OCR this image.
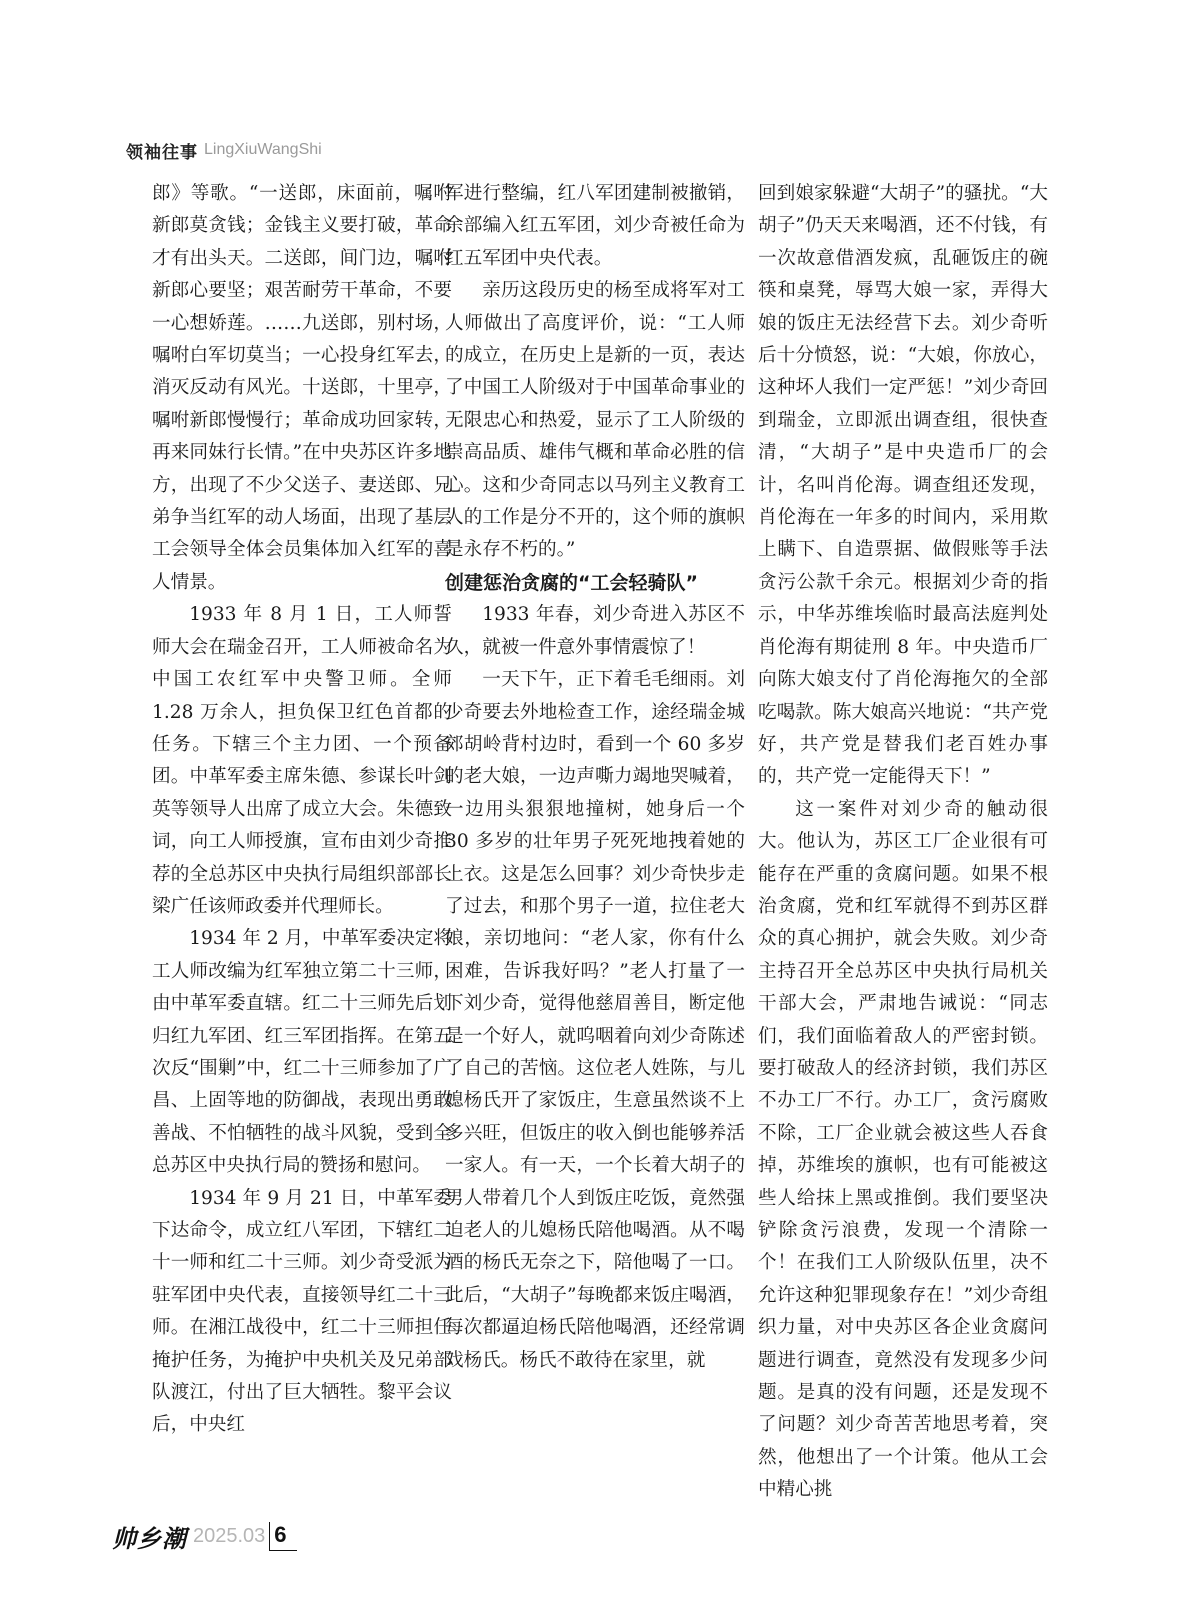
领袖往事 LingXiuWangShi

郎》等歌。“一送郎，床面前，嘱咐新郎莫贪钱；金钱主义要打破，革命才有出头天。二送郎，间门边，嘱咐新郎心要坚；艰苦耐劳干革命，不要一心想娇莲。……九送郎，别村场，嘱咐白军切莫当；一心投身红军去，消灭反动有风光。十送郎，十里亭，嘱咐新郎慢慢行；革命成功回家转，再来同妹行长情。”在中央苏区许多地方，出现了不少父送子、妻送郎、兄弟争当红军的动人场面，出现了基层工会领导全体会员集体加入红军的喜人情景。

1933 年 8 月 1 日，工人师誓师大会在瑞金召开，工人师被命名为中国工农红军中央警卫师。全师 1.28 万余人，担负保卫红色首都的任务。下辖三个主力团、一个预备团。中革军委主席朱德、参谋长叶剑英等领导人出席了成立大会。朱德致词，向工人师授旗，宣布由刘少奇推荐的全总苏区中央执行局组织部部长梁广任该师政委并代理师长。

1934 年 2 月，中革军委决定将工人师改编为红军独立第二十三师，由中革军委直辖。红二十三师先后划归红九军团、红三军团指挥。在第五次反“围剿”中，红二十三师参加了广昌、上固等地的防御战，表现出勇敢善战、不怕牺牲的战斗风貌，受到全总苏区中央执行局的赞扬和慰问。

1934 年 9 月 21 日，中革军委下达命令，成立红八军团，下辖红二十一师和红二十三师。刘少奇受派为驻军团中央代表，直接领导红二十三师。在湘江战役中，红二十三师担任掩护任务，为掩护中央机关及兄弟部队渡江，付出了巨大牺牲。黎平会议后，中央红

军进行整编，红八军团建制被撤销，余部编入红五军团，刘少奇被任命为红五军团中央代表。

亲历这段历史的杨至成将军对工人师做出了高度评价，说：“工人师的成立，在历史上是新的一页，表达了中国工人阶级对于中国革命事业的无限忠心和热爱，显示了工人阶级的崇高品质、雄伟气概和革命必胜的信心。这和少奇同志以马列主义教育工人的工作是分不开的，这个师的旗帜是永存不朽的。”

创建惩治贪腐的“工会轻骑队”

1933 年春，刘少奇进入苏区不久，就被一件意外事情震惊了！

一天下午，正下着毛毛细雨。刘少奇要去外地检查工作，途经瑞金城郊胡岭背村边时，看到一个 60 多岁的老大娘，一边声嘶力竭地哭喊着，一边用头狠狠地撞树，她身后一个 30 多岁的壮年男子死死地拽着她的上衣。这是怎么回事？刘少奇快步走了过去，和那个男子一道，拉住老大娘，亲切地问：“老人家，你有什么困难，告诉我好吗？”老人打量了一下刘少奇，觉得他慈眉善目，断定他是一个好人，就呜咽着向刘少奇陈述了自己的苦恼。这位老人姓陈，与儿媳杨氏开了家饭庄，生意虽然谈不上多兴旺，但饭庄的收入倒也能够养活一家人。有一天，一个长着大胡子的男人带着几个人到饭庄吃饭，竟然强迫老人的儿媳杨氏陪他喝酒。从不喝酒的杨氏无奈之下，陪他喝了一口。此后，“大胡子”每晚都来饭庄喝酒，每次都逼迫杨氏陪他喝酒，还经常调戏杨氏。杨氏不敢待在家里，就

回到娘家躲避“大胡子”的骚扰。“大胡子”仍天天来喝酒，还不付钱，有一次故意借酒发疯，乱砸饭庄的碗筷和桌凳，辱骂大娘一家，弄得大娘的饭庄无法经营下去。刘少奇听后十分愤怒，说：“大娘，你放心，这种坏人我们一定严惩！”刘少奇回到瑞金，立即派出调查组，很快查清，“大胡子”是中央造币厂的会计，名叫肖伦海。调查组还发现，肖伦海在一年多的时间内，采用欺上瞒下、自造票据、做假账等手法贪污公款千余元。根据刘少奇的指示，中华苏维埃临时最高法庭判处肖伦海有期徒刑 8 年。中央造币厂向陈大娘支付了肖伦海拖欠的全部吃喝款。陈大娘高兴地说：“共产党好，共产党是替我们老百姓办事的，共产党一定能得天下！”

这一案件对刘少奇的触动很大。他认为，苏区工厂企业很有可能存在严重的贪腐问题。如果不根治贪腐，党和红军就得不到苏区群众的真心拥护，就会失败。刘少奇主持召开全总苏区中央执行局机关干部大会，严肃地告诫说：“同志们，我们面临着敌人的严密封锁。要打破敌人的经济封锁，我们苏区不办工厂不行。办工厂，贪污腐败不除，工厂企业就会被这些人吞食掉，苏维埃的旗帜，也有可能被这些人给抹上黑或推倒。我们要坚决铲除贪污浪费，发现一个清除一个！在我们工人阶级队伍里，决不允许这种犯罪现象存在！”刘少奇组织力量，对中央苏区各企业贪腐问题进行调查，竟然没有发现多少问题。是真的没有问题，还是发现不了问题？刘少奇苦苦地思考着，突然，他想出了一个计策。他从工会中精心挑

帅乡潮 2025.03 6
